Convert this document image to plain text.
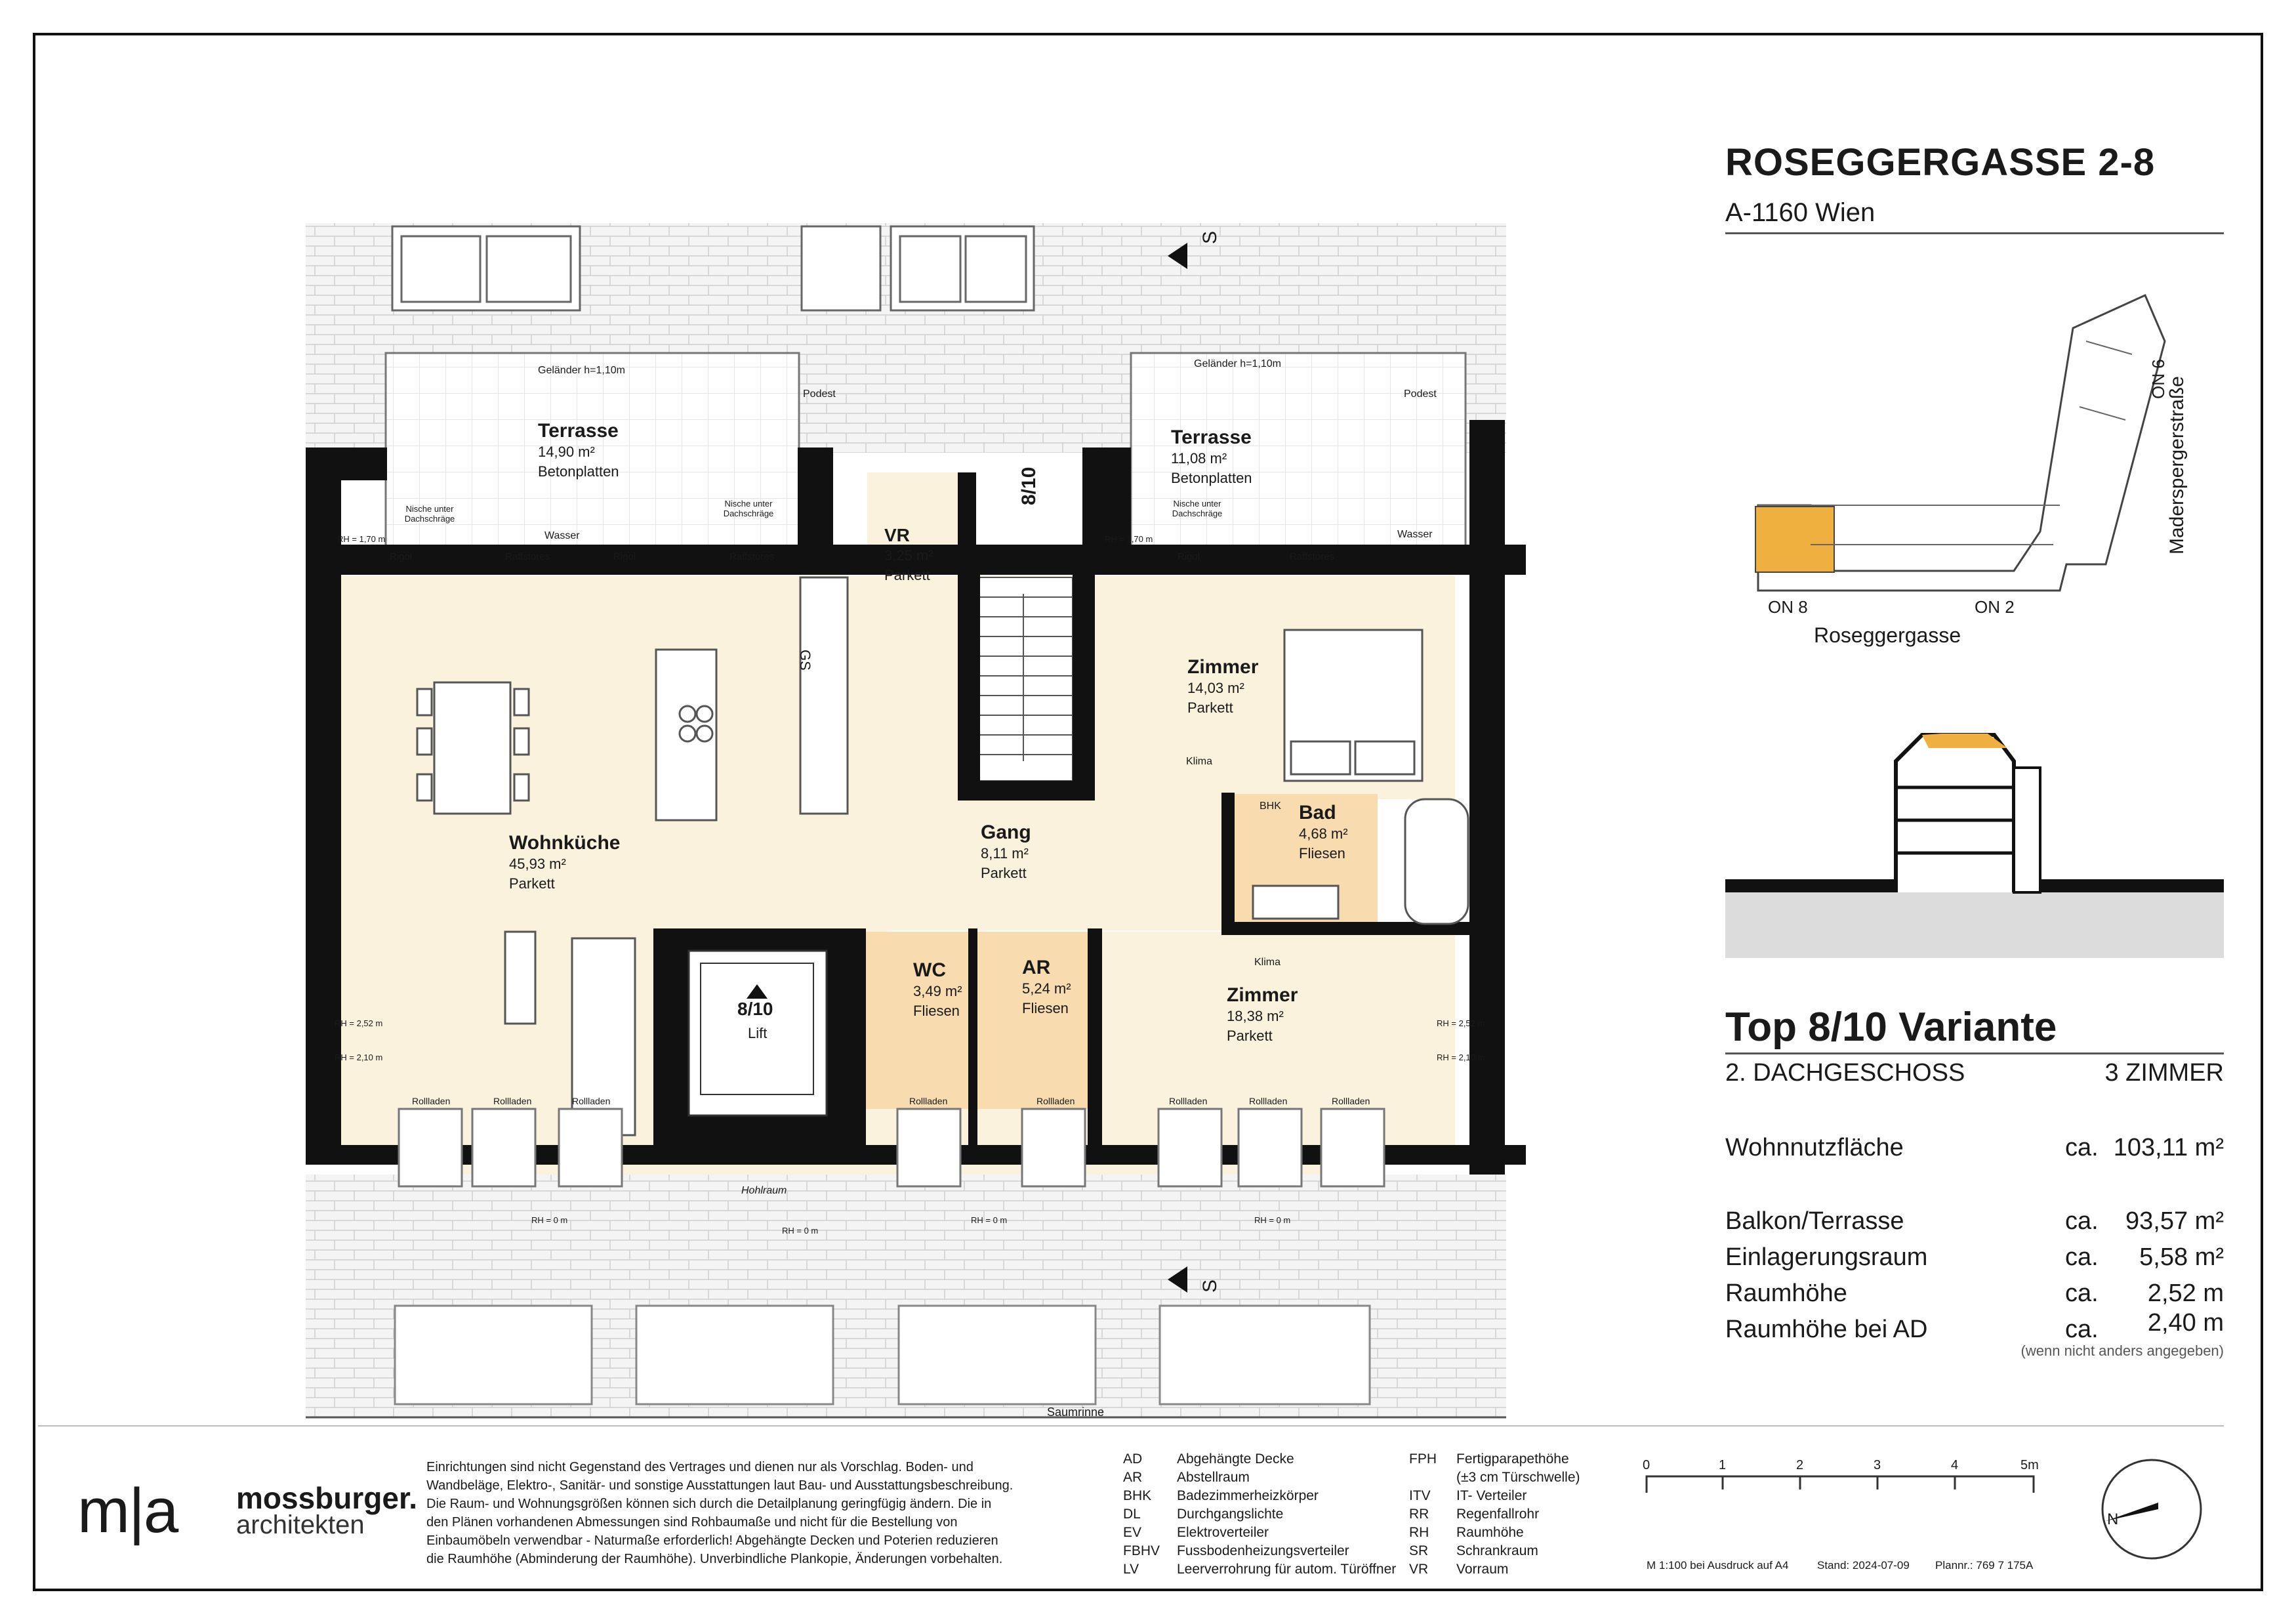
ROSEGGERGASSE 2-8
A-1160 Wien
ON 8	ON 2
ON 6
Roseggergasse
Maderspergerstraße
Top 8/10 Variante
2. DACHGESCHOSS	3 ZIMMER
Wohnnutzfläche	ca. 103,11 m²
Balkon/Terrasse	ca.	93,57 m²
Einlagerungsraum	ca.	5,58 m²
Raumhöhe	ca.	2,52 m
Raumhöhe bei AD	ca.	2,40 m
(wenn nicht anders angegeben)
Terrasse
14,90 m²
Betonplatten
Terrasse
11,08 m²
Betonplatten
VR
3,25 m²
Parkett
Zimmer
14,03 m²
Parkett
Wohnküche
45,93 m²
Parkett
Gang
8,11 m²
Parkett
Bad
4,68 m²
Fliesen
WC
3,49 m²
Fliesen
AR
5,24 m²
Fliesen
Zimmer
18,38 m²
Parkett
8/10
8/10
Lift
GS
Klima
Klima
BHK
Geländer h=1,10m
Geländer h=1,10m
Podest	Podest
Wasser	Wasser
Rigol	Rigol	Rigol
Raffstores	Raffstores	Raffstores
Rollladen	Rollladen	Rollladen	Rollladen	Rollladen	Rollladen	Rollladen	Rollladen
Hohlraum
Saumrinne
S
S
Nische unter Dachschräge
Nische unter Dachschräge
Nische unter Dachschräge
RH = 1,70 m	RH = 1,70 m
RH = 2,52 m	RH = 2,52 m
RH = 2,10 m	RH = 2,10 m
RH = 0 m
RH = 0 m
RH = 0 m	RH = 0 m
m|a mossburger.
architekten
Einrichtungen sind nicht Gegenstand des Vertrages und dienen nur als Vorschlag. Boden- und Wandbeläge, Elektro-, Sanitär- und sonstige Ausstattungen laut Bau- und Ausstattungsbeschreibung. Die Raum- und Wohnungsgrößen können sich durch die Detailplanung geringfügig ändern. Die in den Plänen vorhandenen Abmessungen sind Rohbaumaße und nicht für die Bestellung von Einbaumöbeln verwendbar - Naturmaße erforderlich! Abgehängte Decken und Poterien reduzieren die Raumhöhe (Abminderung der Raumhöhe). Unverbindliche Plankopie, Änderungen vorbehalten.
AD	Abgehängte Decke
AR	Abstellraum
BHK Badezimmerheizkörper
DL	Durchgangslichte
EV	Elektroverteiler
FBHV Fussbodenheizungsverteiler
LV	Leerverrohrung für autom. Türöffner
FPH Fertigparapethöhe
(±3 cm Türschwelle)
ITV IT- Verteiler
RR Regenfallrohr
RH Raumhöhe
SR Schrankraum
VR Vorraum
0	1	2	3	4	5m
N
M 1:100 bei Ausdruck auf A4	Stand: 2024-07-09 Plannr.: 769 7 175A
